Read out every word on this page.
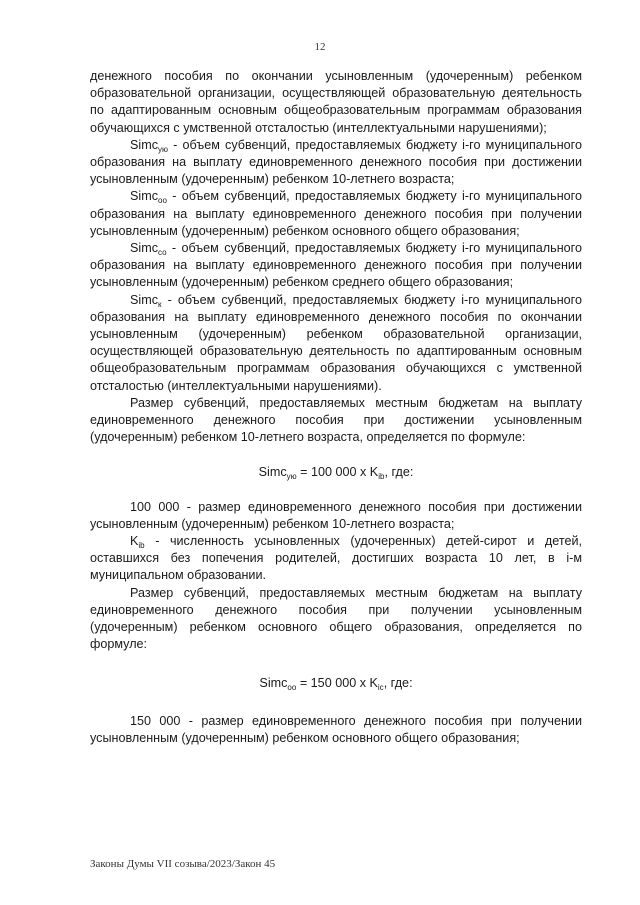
12

денежного пособия по окончании усыновленным (удочеренным) ребенком образовательной организации, осуществляющей образовательную деятельность по адаптированным основным общеобразовательным программам образования обучающихся с умственной отсталостью (интеллектуальными нарушениями);

Simc$_{ую}$ - объем субвенций, предоставляемых бюджету i-го муниципального образования на выплату единовременного денежного пособия при достижении усыновленным (удочеренным) ребенком 10-летнего возраста;

Simc$_{оо}$ - объем субвенций, предоставляемых бюджету i-го муниципального образования на выплату единовременного денежного пособия при получении усыновленным (удочеренным) ребенком основного общего образования;

Simc$_{со}$ - объем субвенций, предоставляемых бюджету i-го муниципального образования на выплату единовременного денежного пособия при получении усыновленным (удочеренным) ребенком среднего общего образования;

Simc$_к$ - объем субвенций, предоставляемых бюджету i-го муниципального образования на выплату единовременного денежного пособия по окончании усыновленным (удочеренным) ребенком образовательной организации, осуществляющей образовательную деятельность по адаптированным основным общеобразовательным программам образования обучающихся с умственной отсталостью (интеллектуальными нарушениями).

Размер субвенций, предоставляемых местным бюджетам на выплату единовременного денежного пособия при достижении усыновленным (удочеренным) ребенком 10-летнего возраста, определяется по формуле:

Simc$_{ую}$ = 100 000 x $K_{ib}$, где:

100 000 - размер единовременного денежного пособия при достижении усыновленным (удочеренным) ребенком 10-летнего возраста;

$K_{ib}$ - численность усыновленных (удочеренных) детей-сирот и детей, оставшихся без попечения родителей, достигших возраста 10 лет, в i-м муниципальном образовании.

Размер субвенций, предоставляемых местным бюджетам на выплату единовременного денежного пособия при получении усыновленным (удочеренным) ребенком основного общего образования, определяется по формуле:

Simc$_{оо}$ = 150 000 x $K_{ic}$, где:

150 000 - размер единовременного денежного пособия при получении усыновленным (удочеренным) ребенком основного общего образования;

Законы Думы VII созыва/2023/Закон 45
